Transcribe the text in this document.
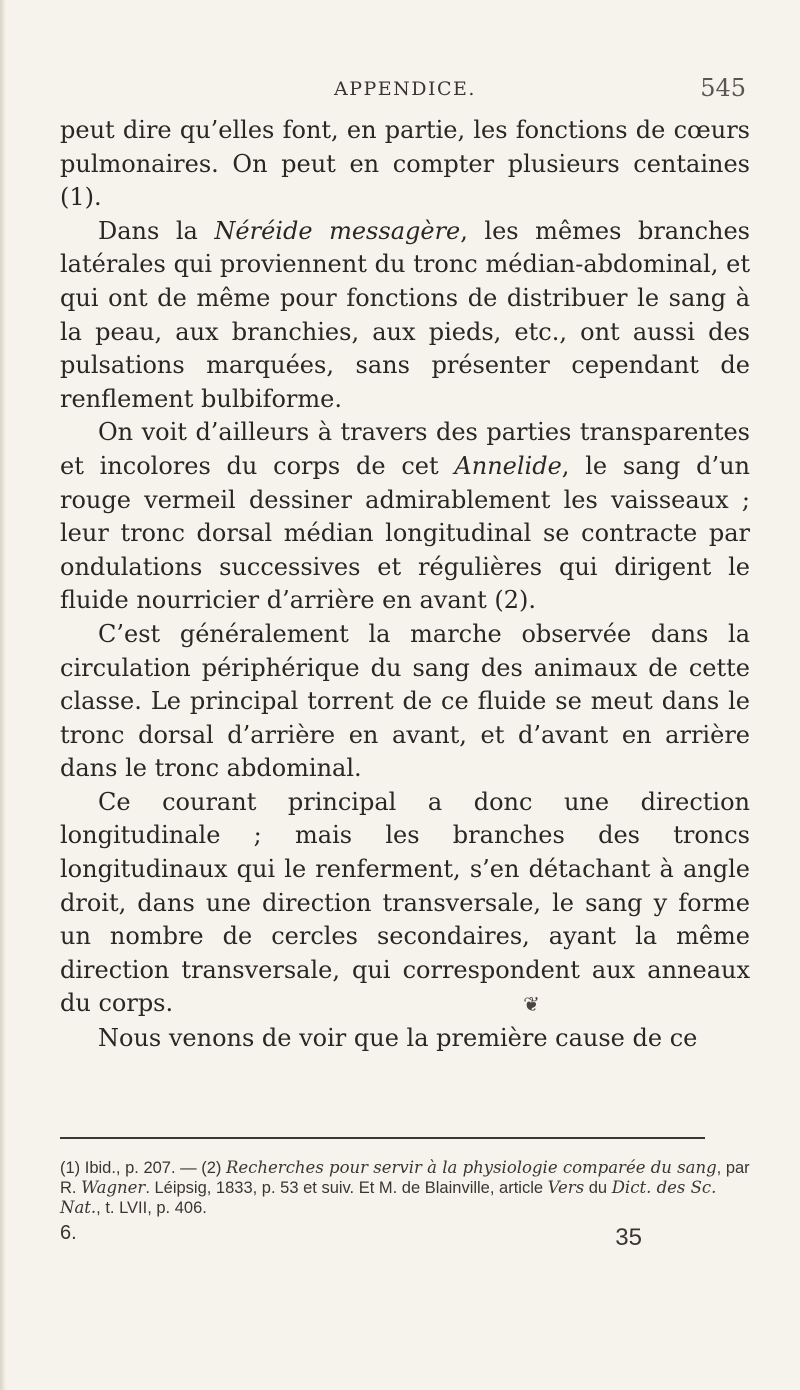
APPENDICE.	545

peut dire qu’elles font, en partie, les fonctions de cœurs pulmonaires. On peut en compter plusieurs centaines (1).

Dans la Néréide messagère, les mêmes branches latérales qui proviennent du tronc médian-abdominal, et qui ont de même pour fonctions de distribuer le sang à la peau, aux branchies, aux pieds, etc., ont aussi des pulsations marquées, sans présenter cependant de renflement bulbiforme.

On voit d’ailleurs à travers des parties transparentes et incolores du corps de cet Annelide, le sang d’un rouge vermeil dessiner admirablement les vaisseaux ; leur tronc dorsal médian longitudinal se contracte par ondulations successives et régulières qui dirigent le fluide nourricier d’arrière en avant (2).

C’est généralement la marche observée dans la circulation périphérique du sang des animaux de cette classe. Le principal torrent de ce fluide se meut dans le tronc dorsal d’arrière en avant, et d’avant en arrière dans le tronc abdominal.

Ce courant principal a donc une direction longitudinale ; mais les branches des troncs longitudinaux qui le renferment, s’en détachant à angle droit, dans une direction transversale, le sang y forme un nombre de cercles secondaires, ayant la même direction transversale, qui correspondent aux anneaux du corps.	❦

Nous venons de voir que la première cause de ce

(1) Ibid., p. 207. — (2) Recherches pour servir à la physiologie comparée du sang, par R. Wagner. Léipsig, 1833, p. 53 et suiv. Et M. de Blainville, article Vers du Dict. des Sc. Nat., t. LVII, p. 406.

6.	35
